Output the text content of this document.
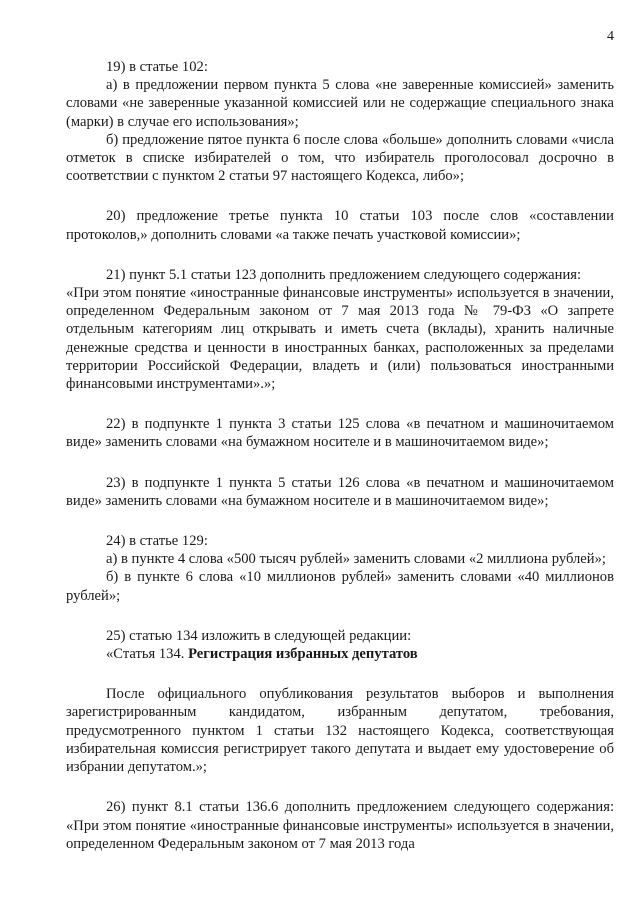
4

19) в статье 102:

а) в предложении первом пункта 5 слова «не заверенные комиссией» заменить словами «не заверенные указанной комиссией или не содержащие специального знака (марки) в случае его использования»;

б) предложение пятое пункта 6 после слова «больше» дополнить словами «числа отметок в списке избирателей о том, что избиратель проголосовал досрочно в соответствии с пунктом 2 статьи 97 настоящего Кодекса, либо»;

20) предложение третье пункта 10 статьи 103 после слов «составлении протоколов,» дополнить словами «а также печать участковой комиссии»;

21) пункт 5.1 статьи 123 дополнить предложением следующего содержания:

«При этом понятие «иностранные финансовые инструменты» используется в значении, определенном Федеральным законом от 7 мая 2013 года № 79-ФЗ «О запрете отдельным категориям лиц открывать и иметь счета (вклады), хранить наличные денежные средства и ценности в иностранных банках, расположенных за пределами территории Российской Федерации, владеть и (или) пользоваться иностранными финансовыми инструментами».»;

22) в подпункте 1 пункта 3 статьи 125 слова «в печатном и машиночитаемом виде» заменить словами «на бумажном носителе и в машиночитаемом виде»;

23) в подпункте 1 пункта 5 статьи 126 слова «в печатном и машиночитаемом виде» заменить словами «на бумажном носителе и в машиночитаемом виде»;

24) в статье 129:

а) в пункте 4 слова «500 тысяч рублей» заменить словами «2 миллиона рублей»;

б) в пункте 6 слова «10 миллионов рублей» заменить словами «40 миллионов рублей»;

25) статью 134 изложить в следующей редакции:

«Статья 134. Регистрация избранных депутатов

После официального опубликования результатов выборов и выполнения зарегистрированным кандидатом, избранным депутатом, требования, предусмотренного пунктом 1 статьи 132 настоящего Кодекса, соответствующая избирательная комиссия регистрирует такого депутата и выдает ему удостоверение об избрании депутатом.»;

26) пункт 8.1 статьи 136.6 дополнить предложением следующего содержания: «При этом понятие «иностранные финансовые инструменты» используется в значении, определенном Федеральным законом от 7 мая 2013 года
